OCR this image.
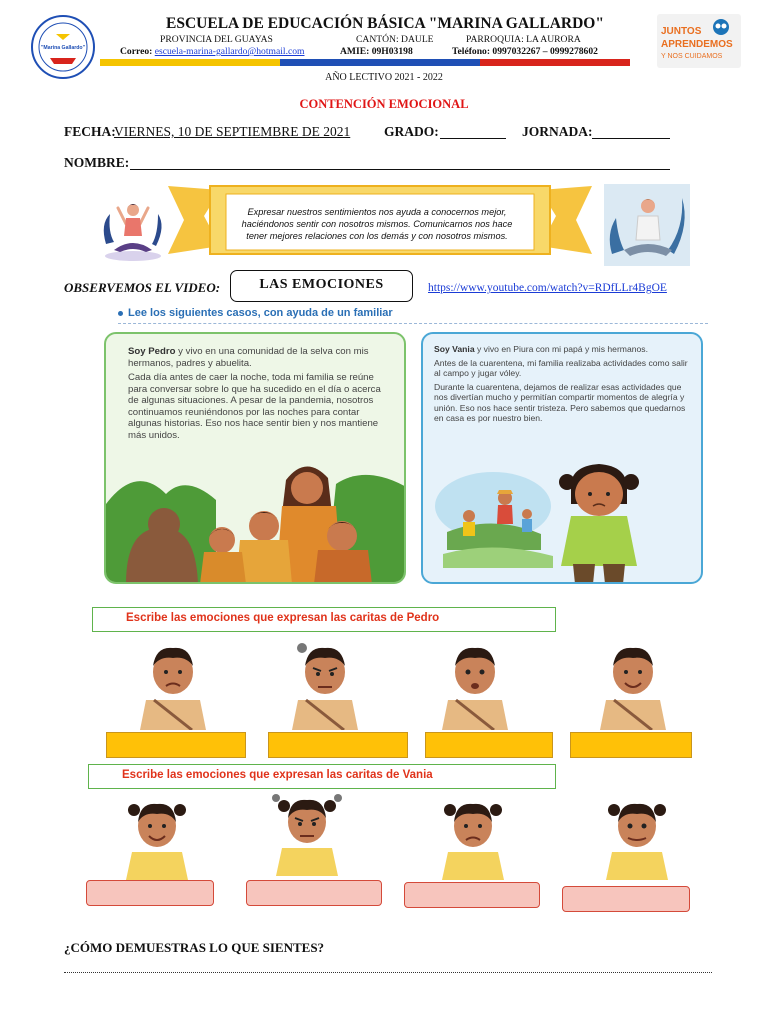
"Marina Gallardo"
ESCUELA DE EDUCACIÓN BÁSICA "MARINA GALLARDO"
PROVINCIA DEL GUAYAS	CANTÓN: DAULE	PARROQUIA: LA AURORA
Correo: escuela-marina-gallardo@hotmail.com	AMIE: 09H03198	Teléfono: 0997032267 – 0999278602
JUNTOS
APRENDEMOS
Y NOS CUIDAMOS
AÑO LECTIVO 2021 - 2022
CONTENCIÓN EMOCIONAL
FECHA:
VIERNES, 10 DE SEPTIEMBRE DE 2021	GRADO:	JORNADA:
NOMBRE:
Expresar nuestros sentimientos nos ayuda a conocernos mejor, haciéndonos sentir con nosotros mismos. Comunicarnos nos hace tener mejores relaciones con los demás y con nosotros mismos.
OBSERVEMOS EL VIDEO:	LAS EMOCIONES	https://www.youtube.com/watch?v=RDfLLr4BgOE
Lee los siguientes casos, con ayuda de un familiar

Soy Pedro y vivo en una comunidad de la selva con mis hermanos, padres y abuelita.

Cada día antes de caer la noche, toda mi familia se reúne para conversar sobre lo que ha sucedido en el día o acerca de algunas situaciones. A pesar de la pandemia, nosotros continuamos reuniéndonos por las noches para contar algunas historias. Eso nos hace sentir bien y nos mantiene más unidos.

Soy Vania y vivo en Piura con mi papá y mis hermanos.

Antes de la cuarentena, mi familia realizaba actividades como salir al campo y jugar vóley.

Durante la cuarentena, dejamos de realizar esas actividades que nos divertían mucho y permitían compartir momentos de alegría y unión. Eso nos hace sentir tristeza. Pero sabemos que quedarnos en casa es por nuestro bien.

Escribe las emociones que expresan las caritas de Pedro
Escribe las emociones que expresan las caritas de Vania
¿CÓMO DEMUESTRAS LO QUE SIENTES?
